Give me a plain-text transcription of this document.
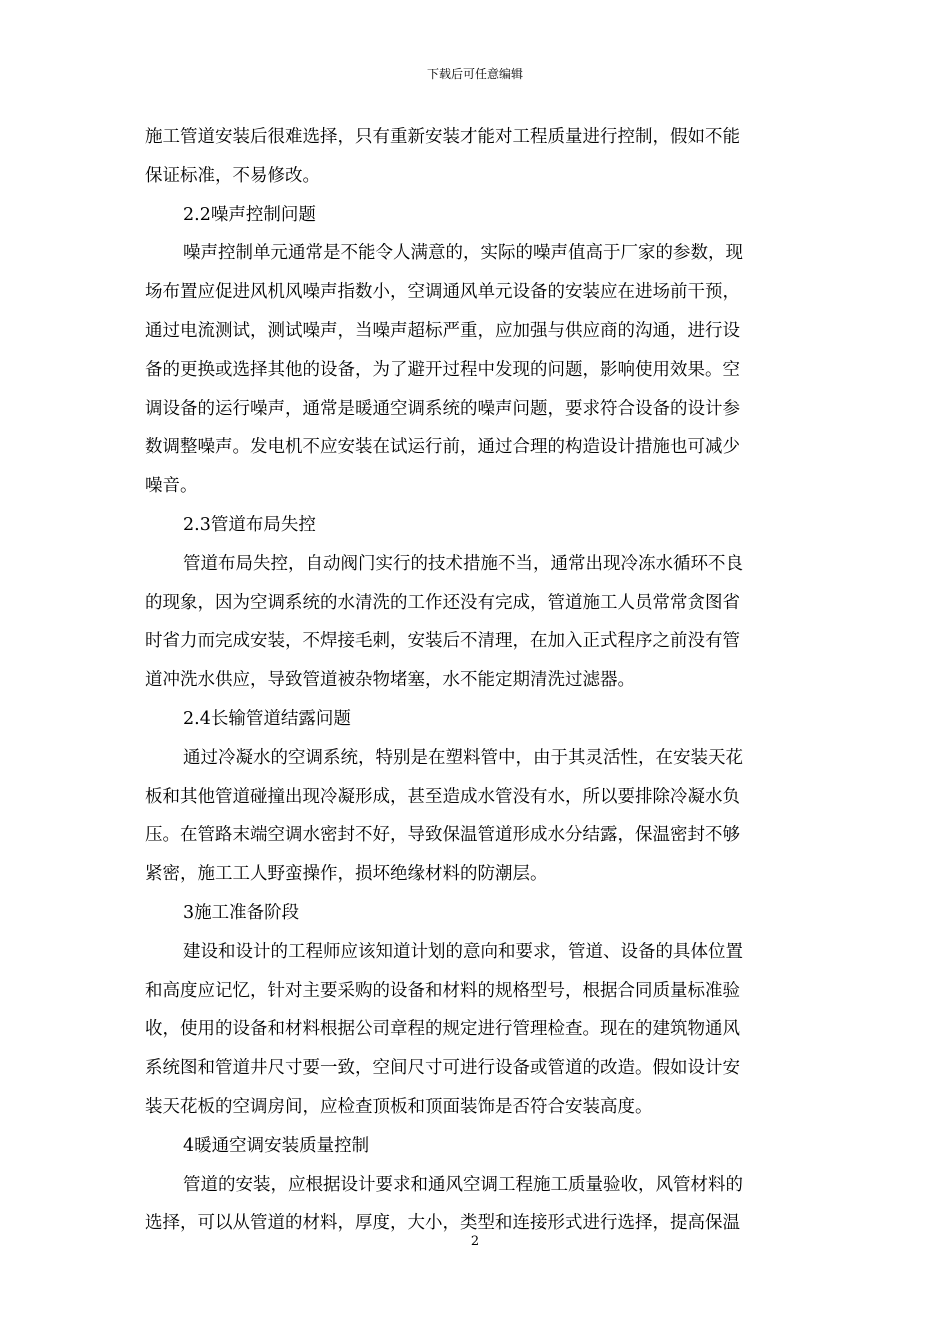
下载后可任意编辑
施工管道安装后很难选择，只有重新安装才能对工程质量进行控制，假如不能
保证标准，不易修改。
2.2噪声控制问题
噪声控制单元通常是不能令人满意的，实际的噪声值高于厂家的参数，现
场布置应促进风机风噪声指数小，空调通风单元设备的安装应在进场前干预，
通过电流测试，测试噪声，当噪声超标严重，应加强与供应商的沟通，进行设
备的更换或选择其他的设备，为了避开过程中发现的问题，影响使用效果。空
调设备的运行噪声，通常是暖通空调系统的噪声问题，要求符合设备的设计参
数调整噪声。发电机不应安装在试运行前，通过合理的构造设计措施也可减少
噪音。
2.3管道布局失控
管道布局失控，自动阀门实行的技术措施不当，通常出现冷冻水循环不良
的现象，因为空调系统的水清洗的工作还没有完成，管道施工人员常常贪图省
时省力而完成安装，不焊接毛刺，安装后不清理，在加入正式程序之前没有管
道冲洗水供应，导致管道被杂物堵塞，水不能定期清洗过滤器。
2.4长输管道结露问题
通过冷凝水的空调系统，特别是在塑料管中，由于其灵活性，在安装天花
板和其他管道碰撞出现冷凝形成，甚至造成水管没有水，所以要排除冷凝水负
压。在管路末端空调水密封不好，导致保温管道形成水分结露，保温密封不够
紧密，施工工人野蛮操作，损坏绝缘材料的防潮层。
3施工准备阶段
建设和设计的工程师应该知道计划的意向和要求，管道、设备的具体位置
和高度应记忆，针对主要采购的设备和材料的规格型号，根据合同质量标准验
收，使用的设备和材料根据公司章程的规定进行管理检查。现在的建筑物通风
系统图和管道井尺寸要一致，空间尺寸可进行设备或管道的改造。假如设计安
装天花板的空调房间，应检查顶板和顶面装饰是否符合安装高度。
4暖通空调安装质量控制
管道的安装，应根据设计要求和通风空调工程施工质量验收，风管材料的
选择，可以从管道的材料，厚度，大小，类型和连接形式进行选择，提高保温
2
